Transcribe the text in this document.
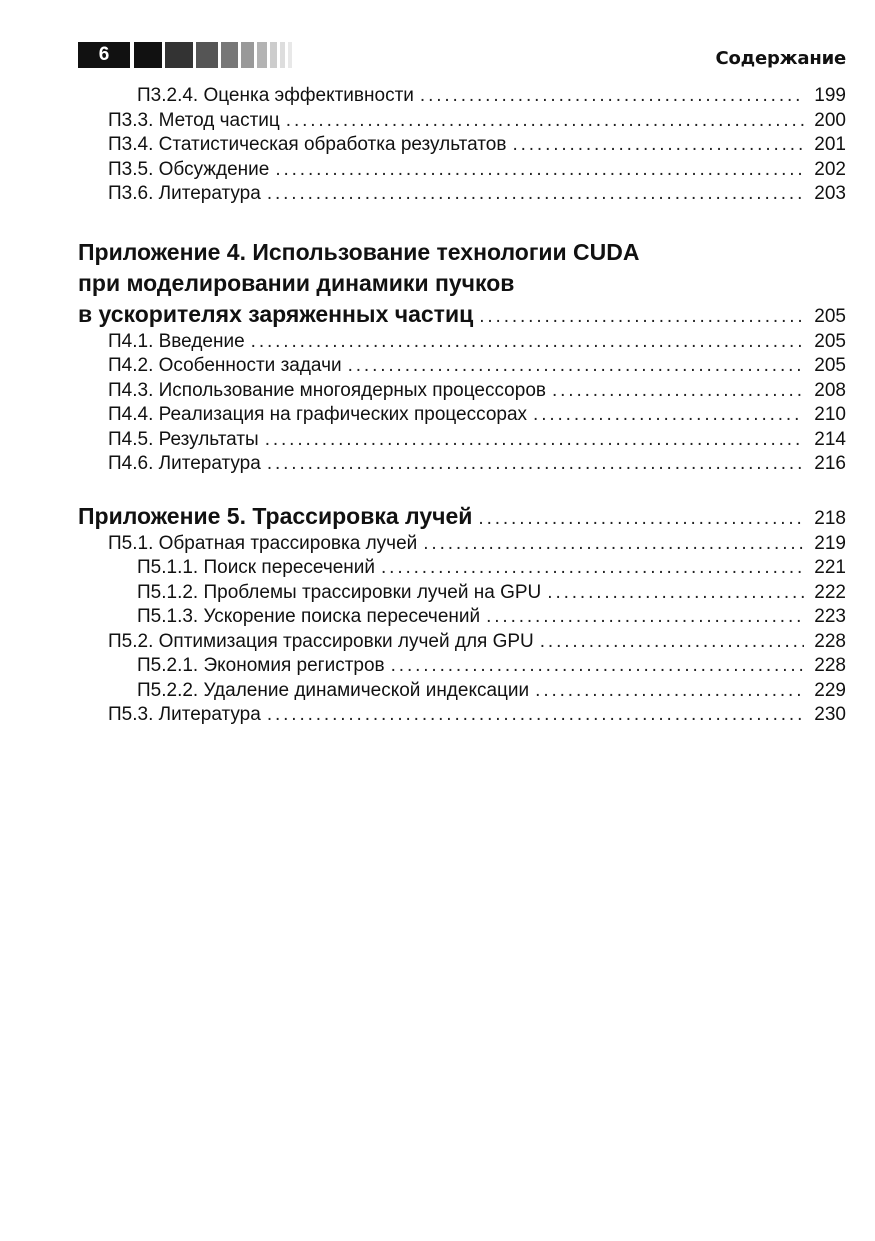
6	Содержание
П3.2.4. Оценка эффективности . . .	199
П3.3. Метод частиц . . .	200
П3.4. Статистическая обработка результатов . . .	201
П3.5. Обсуждение . . .	202
П3.6. Литература . . .	203
Приложение 4. Использование технологии CUDA
при моделировании динамики пучков
в ускорителях заряженных частиц . . .	205
П4.1. Введение . . .	205
П4.2. Особенности задачи . . .	205
П4.3. Использование многоядерных процессоров . . .	208
П4.4. Реализация на графических процессорах . . .	210
П4.5. Результаты . . .	214
П4.6. Литература . . .	216
Приложение 5. Трассировка лучей . . .	218
П5.1. Обратная трассировка лучей . . .	219
П5.1.1. Поиск пересечений . . .	221
П5.1.2. Проблемы трассировки лучей на GPU . . .	222
П5.1.3. Ускорение поиска пересечений . . .	223
П5.2. Оптимизация трассировки лучей для GPU . . .	228
П5.2.1. Экономия регистров . . .	228
П5.2.2. Удаление динамической индексации . . .	229
П5.3. Литература . . .	230
